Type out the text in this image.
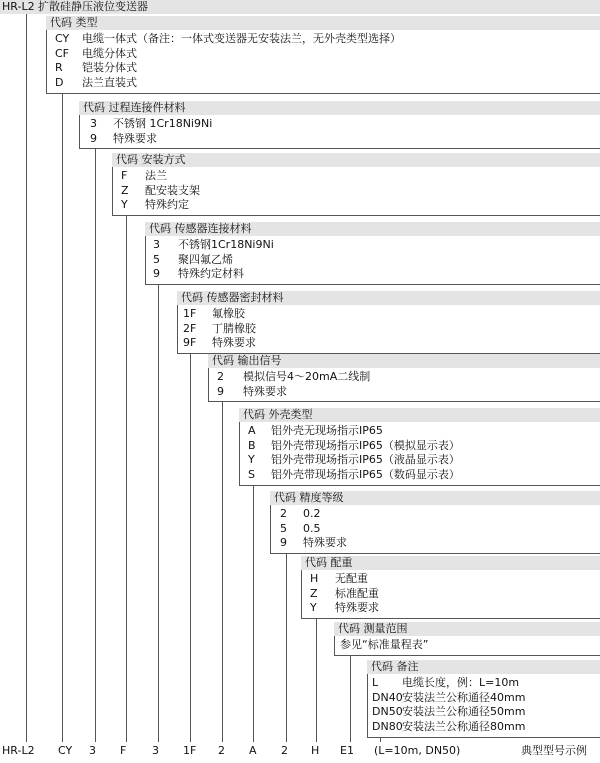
HR-L2 扩散硅静压液位变送器
代码 类型
CY 电缆一体式（备注：一体式变送器无安装法兰，无外壳类型选择）
CF 电缆分体式
R 铠装分体式
D 法兰直装式
代码 过程连接件材料
3 不锈钢 1Cr18Ni9Ni
9 特殊要求
代码 安装方式
F 法兰
Z 配安装支架
Y 特殊约定
代码 传感器连接材料
3 不锈钢1Cr18Ni9Ni
5 聚四氟乙烯
9 特殊约定材料
代码 传感器密封材料
1F 氟橡胶
2F 丁腈橡胶
9F 特殊要求
代码 输出信号
2 模拟信号4～20mA二线制
9 特殊要求
代码 外壳类型
A 铝外壳无现场指示IP65
B 铝外壳带现场指示IP65（模拟显示表）
Y 铝外壳带现场指示IP65（液晶显示表）
S 铝外壳带现场指示IP65（数码显示表）
代码 精度等级
2 0.2
5 0.5
9 特殊要求
代码 配重
H 无配重
Z 标准配重
Y 特殊要求
代码 测量范围
参见“标准量程表”
代码 备注
L 电缆长度，例：L=10m
DN40 安装法兰公称通径40mm
DN50 安装法兰公称通径50mm
DN80 安装法兰公称通径80mm
HR-L2 CY 3 F 3 1F 2 A 2 H E1 (L=10m, DN50)	典型型号示例
